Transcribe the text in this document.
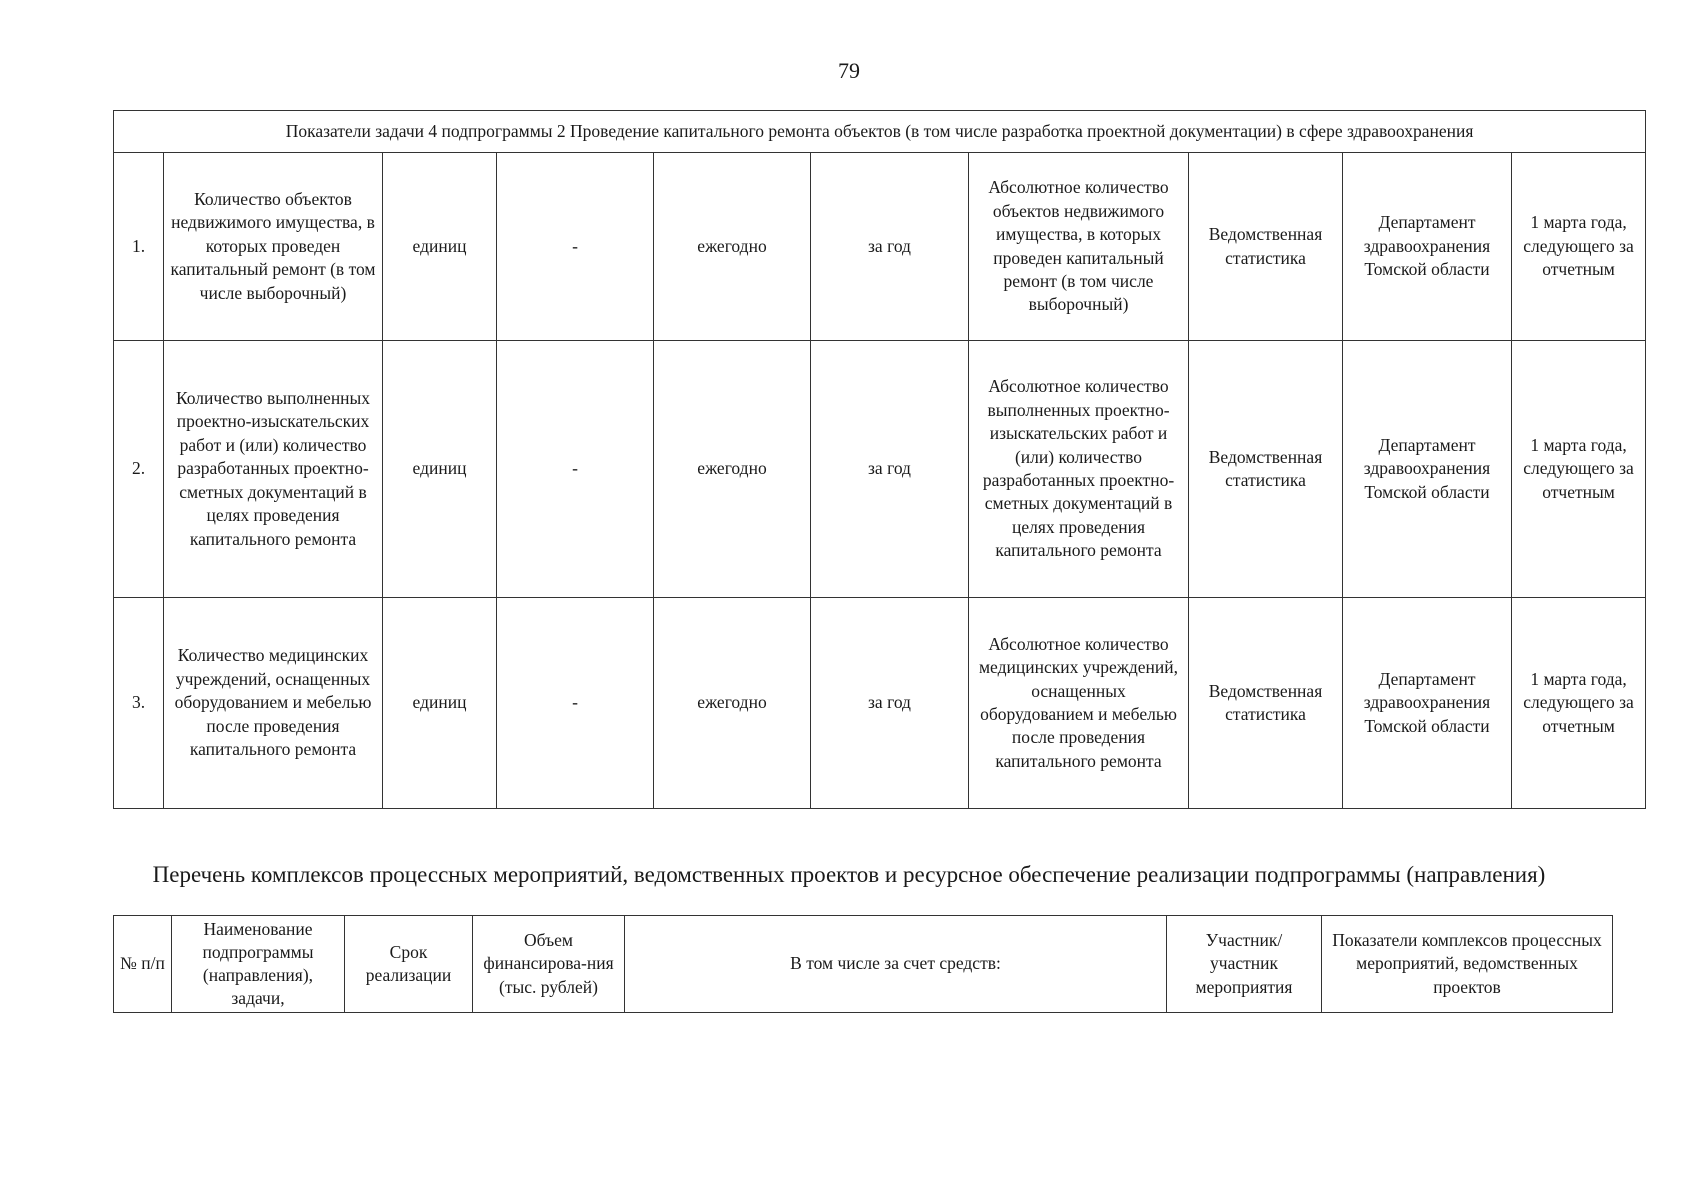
79
Показатели задачи 4 подпрограммы 2 Проведение капитального ремонта объектов (в том числе разработка проектной документации) в сфере здравоохранения									
1.	Количество объектов недвижимого имущества, в которых проведен капитальный ремонт (в том числе выборочный)	единиц	-	ежегодно	за год	Абсолютное количество объектов недвижимого имущества, в которых проведен капитальный ремонт (в том числе выборочный)	Ведомственная статистика	Департамент здравоохранения Томской области	1 марта года, следующего за отчетным
2.	Количество выполненных проектно-изыскательских работ и (или) количество разработанных проектно-сметных документаций в целях проведения капитального ремонта	единиц	-	ежегодно	за год	Абсолютное количество выполненных проектно-изыскательских работ и (или) количество разработанных проектно-сметных документаций в целях проведения капитального ремонта	Ведомственная статистика	Департамент здравоохранения Томской области	1 марта года, следующего за отчетным
3.	Количество медицинских учреждений, оснащенных оборудованием и мебелью после проведения капитального ремонта	единиц	-	ежегодно	за год	Абсолютное количество медицинских учреждений, оснащенных оборудованием и мебелью после проведения капитального ремонта	Ведомственная статистика	Департамент здравоохранения Томской области	1 марта года, следующего за отчетным
Перечень комплексов процессных мероприятий, ведомственных проектов и ресурсное обеспечение реализации подпрограммы (направления)
№ п/п	Наименование подпрограммы (направления), задачи,	Срок реализации	Объем финансирова-ния (тыс. рублей)	В том числе за счет средств:	Участник/ участник мероприятия	Показатели комплексов процессных мероприятий, ведомственных проектов
